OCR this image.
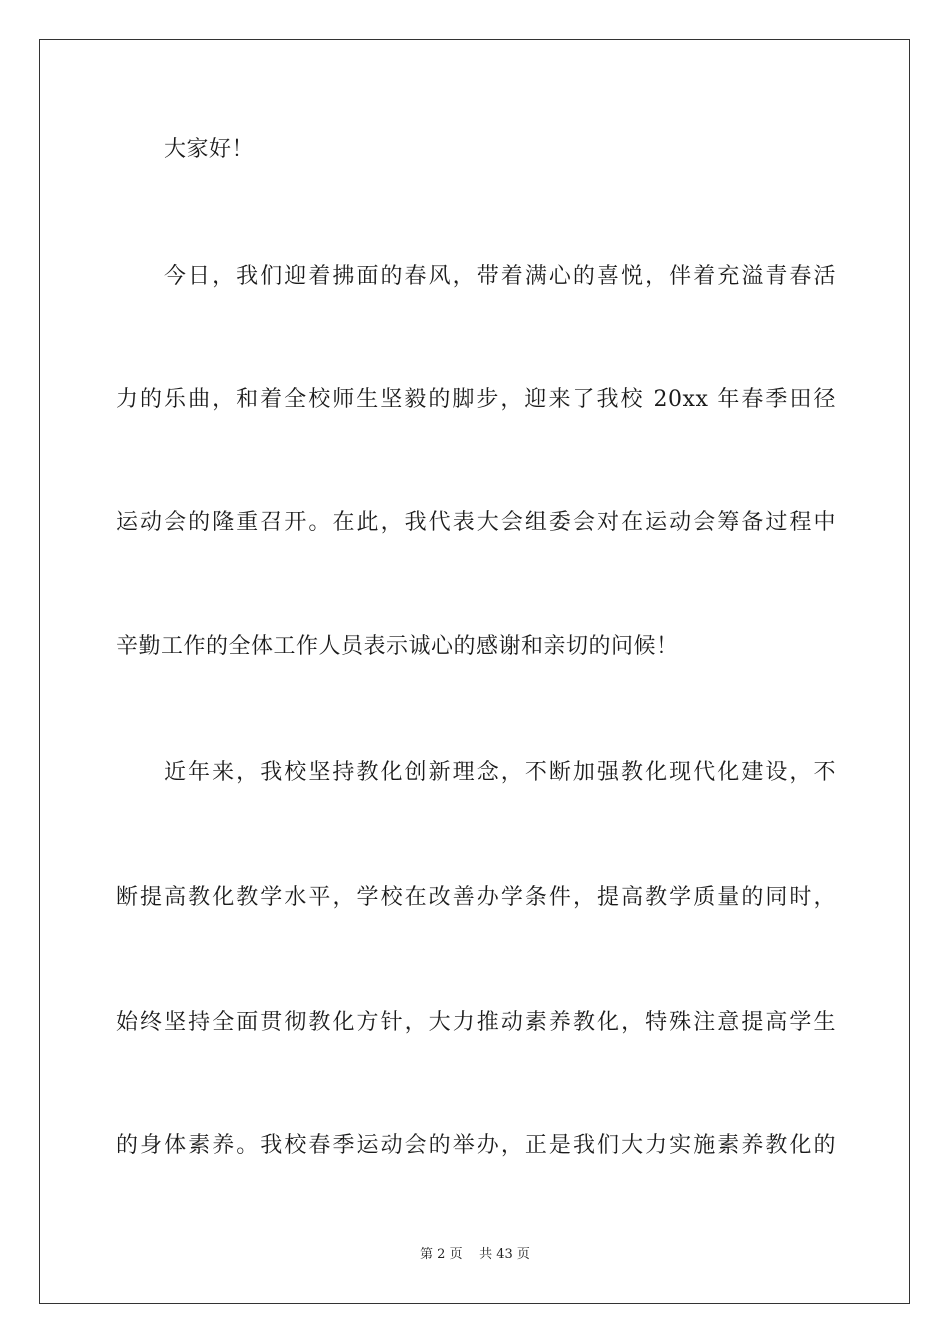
大家好！
今日，我们迎着拂面的春风，带着满心的喜悦，伴着充溢青春活
力的乐曲，和着全校师生坚毅的脚步，迎来了我校 20xx 年春季田径
运动会的隆重召开。在此，我代表大会组委会对在运动会筹备过程中
辛勤工作的全体工作人员表示诚心的感谢和亲切的问候！
近年来，我校坚持教化创新理念，不断加强教化现代化建设，不
断提高教化教学水平，学校在改善办学条件，提高教学质量的同时，
始终坚持全面贯彻教化方针，大力推动素养教化，特殊注意提高学生
的身体素养。我校春季运动会的举办，正是我们大力实施素养教化的
第 2 页 共 43 页
